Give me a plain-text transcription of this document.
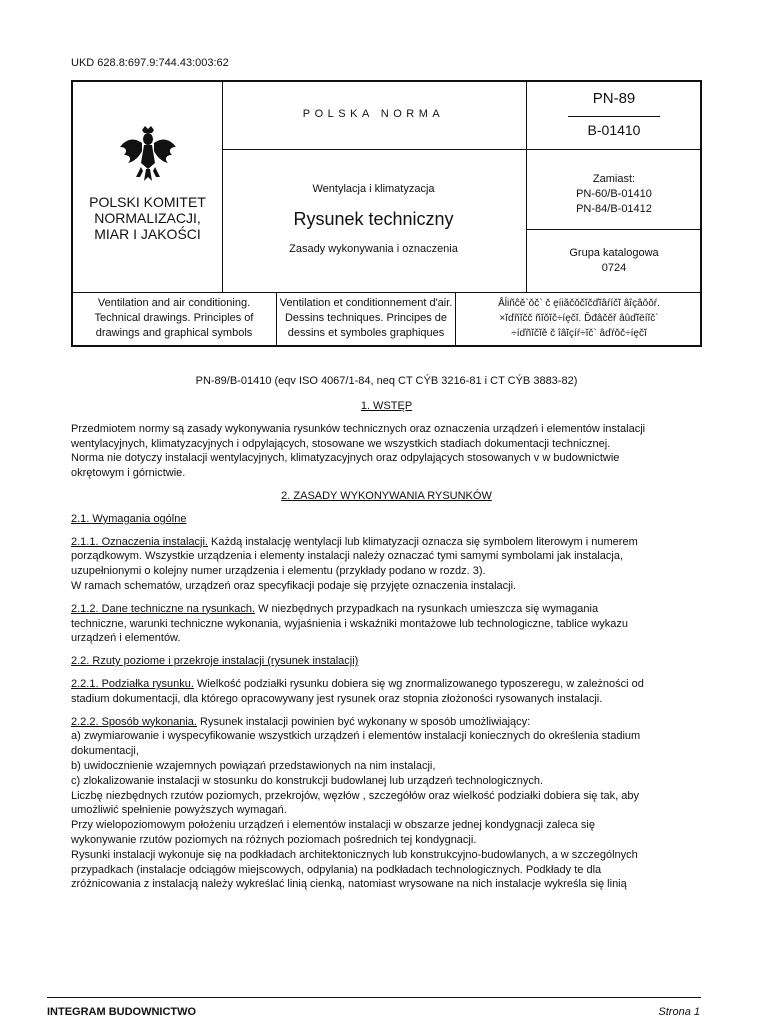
UKD 628.8:697.9:744.43:003:62
POLSKI KOMITET
NORMALIZACJI,
MIAR I JAKOŚCI
POLSKA NORMA
PN-89
B-01410
Wentylacja i klimatyzacja
Rysunek techniczny
Zasady wykonywania i oznaczenia
Zamiast:
PN-60/B-01410
PN-84/B-01412
Grupa katalogowa
0724
Ventilation and air conditioning.
Technical drawings. Principles of
drawings and graphical symbols
Ventilation et conditionnement d'air.
Dessins techniques. Principes de
dessins et symboles graphiques
Åĺiñĉě`ǒč` č ęíiãčǒčĭčďĭâŕíčĭ âîçâǒǒŕ.
×ĭďñĭčč ñĭǒĭč÷íęčĭ. Ďđâčěř âûďĭëíĭč`
÷íďñĭčĭě č îâĭçíŕ÷ĭč` âďŕǒč÷íęčĭ
PN-89/B-01410 (eqv ISO 4067/1-84, neq CT CÝB 3216-81 i CT CÝB 3883-82)

1. WSTĘP

Przedmiotem normy są zasady wykonywania rysunków technicznych oraz oznaczenia urządzeń i elementów instalacji
wentylacyjnych, klimatyzacyjnych i odpylających, stosowane we wszystkich stadiach dokumentacji technicznej.
Norma nie dotyczy instalacji wentylacyjnych, klimatyzacyjnych oraz odpylających stosowanych v w budownictwie
okrętowym i górnictwie.

2. ZASADY WYKONYWANIA RYSUNKÓW

2.1. Wymagania ogólne

2.1.1. Oznaczenia instalacji. Każdą instalację wentylacji lub klimatyzacji oznacza się symbolem literowym i numerem
porządkowym. Wszystkie urządzenia i elementy instalacji należy oznaczać tymi samymi symbolami jak instalacja,
uzupełnionymi o kolejny numer urządzenia i elementu (przykłady podano w rozdz. 3).
W ramach schematów, urządzeń oraz specyfikacji podaje się przyjęte oznaczenia instalacji.

2.1.2. Dane techniczne na rysunkach. W niezbędnych przypadkach na rysunkach umieszcza się wymagania
techniczne, warunki techniczne wykonania, wyjaśnienia i wskaźniki montażowe lub technologiczne, tablice wykazu
urządzeń i elementów.

2.2. Rzuty poziome i przekroje instalacji (rysunek instalacji)

2.2.1. Podziałka rysunku. Wielkość podziałki rysunku dobiera się wg znormalizowanego typoszeregu, w zależności od
stadium dokumentacji, dla którego opracowywany jest rysunek oraz stopnia złożoności rysowanych instalacji.

2.2.2. Sposób wykonania. Rysunek instalacji powinien być wykonany w sposób umożliwiający:
a) zwymiarowanie i wyspecyfikowanie wszystkich urządzeń i elementów instalacji koniecznych do określenia stadium
dokumentacji,
b) uwidocznienie wzajemnych powiązań przedstawionych na nim instalacji,
c) zlokalizowanie instalacji w stosunku do konstrukcji budowlanej lub urządzeń technologicznych.
Liczbę niezbędnych rzutów poziomych, przekrojów, węzłów , szczegółów oraz wielkość podziałki dobiera się tak, aby
umożliwić spełnienie powyższych wymagań.
Przy wielopoziomowym położeniu urządzeń i elementów instalacji w obszarze jednej kondygnacji zaleca się
wykonywanie rzutów poziomych na różnych poziomach pośrednich tej kondygnacji.
Rysunki instalacji wykonuje się na podkładach architektonicznych lub konstrukcyjno-budowlanych, a w szczególnych
przypadkach (instalacje odciągów miejscowych, odpylania) na podkładach technologicznych. Podkłady te dla
zróżnicowania z instalacją należy wykreślać linią cienką, natomiast wrysowane na nich instalacje wykreśla się linią

INTEGRAM BUDOWNICTWO	Strona 1
